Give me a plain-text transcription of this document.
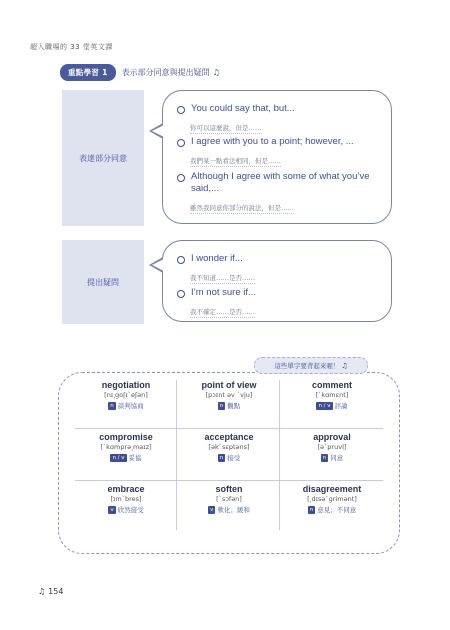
超入職場的 33 堂英文課
重點學習 1	表示部分同意與提出疑問 ♫
表達部分同意
You could say that, but...
你可以這麼說，但是……
I agree with you to a point; however, ...
我們某一點看法相同，但是……
Although I agree with some of what you’ve said,...
雖然我同意你部分的說法，但是……
提出疑問
I wonder if...
我不知道……是否……
I’m not sure if...
我不確定……是否……
這些單字要背起來喔！ ♫
negotiation
[nɪ͵goʃɪˋeʃən]
n 談判協商
point of view
[pɔɪnt əv ˋvju]
n 觀點
comment
[ˋkɑmɛnt]
n / v 評論
compromise
[ˋkɑmprə͵maɪz]
n / v 妥協
acceptance
[əkˋsɛptəns]
n 接受
approval
[əˋpruvḷ]
n 同意
embrace
[ɪmˋbres]
v 欣然接受
soften
[ˋsɔfən]
v 軟化；緩和
disagreement
[͵dɪsəˋgrimənt]
n 意見；不同意
♫ 154
